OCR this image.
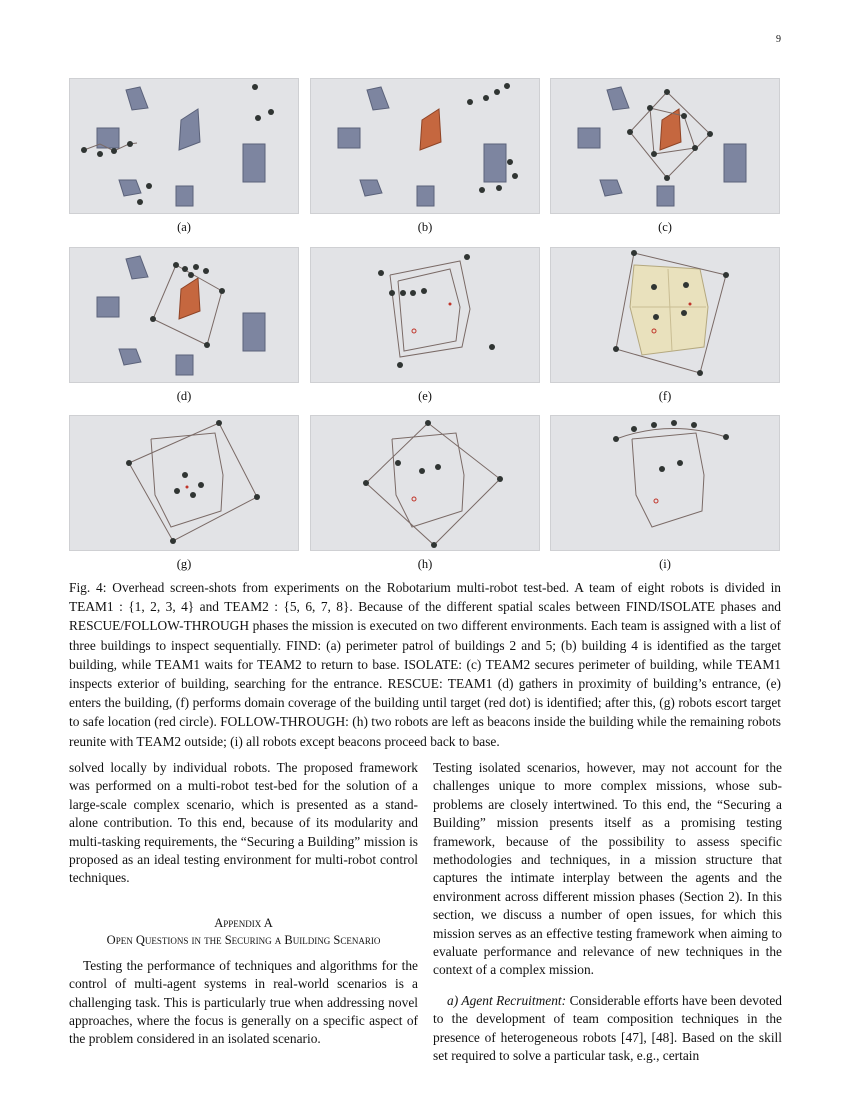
9
(a)	(b)	(c)
(d)	(e)	(f)
(g)	(h)	(i)
Fig. 4: Overhead screen-shots from experiments on the Robotarium multi-robot test-bed. A team of eight robots is divided in TEAM1 : {1, 2, 3, 4} and TEAM2 : {5, 6, 7, 8}. Because of the different spatial scales between FIND/ISOLATE phases and RESCUE/FOLLOW-THROUGH phases the mission is executed on two different environments. Each team is assigned with a list of three buildings to inspect sequentially. FIND: (a) perimeter patrol of buildings 2 and 5; (b) building 4 is identified as the target building, while TEAM1 waits for TEAM2 to return to base. ISOLATE: (c) TEAM2 secures perimeter of building, while TEAM1 inspects exterior of building, searching for the entrance. RESCUE: TEAM1 (d) gathers in proximity of building’s entrance, (e) enters the building, (f) performs domain coverage of the building until target (red dot) is identified; after this, (g) robots escort target to safe location (red circle). FOLLOW-THROUGH: (h) two robots are left as beacons inside the building while the remaining robots reunite with TEAM2 outside; (i) all robots except beacons proceed back to base.

solved locally by individual robots. The proposed framework was performed on a multi-robot test-bed for the solution of a large-scale complex scenario, which is presented as a stand-alone contribution. To this end, because of its modularity and multi-tasking requirements, the “Securing a Building” mission is proposed as an ideal testing environment for multi-robot control techniques.

Appendix A
Open Questions in the Securing a Building Scenario

Testing the performance of techniques and algorithms for the control of multi-agent systems in real-world scenarios is a challenging task. This is particularly true when addressing novel approaches, where the focus is generally on a specific aspect of the problem considered in an isolated scenario.

Testing isolated scenarios, however, may not account for the challenges unique to more complex missions, whose sub-problems are closely intertwined. To this end, the “Securing a Building” mission presents itself as a promising testing framework, because of the possibility to assess specific methodologies and techniques, in a mission structure that captures the intimate interplay between the agents and the environment across different mission phases (Section 2). In this section, we discuss a number of open issues, for which this mission serves as an effective testing framework when aiming to evaluate performance and relevance of new techniques in the context of a complex mission.

a) Agent Recruitment: Considerable efforts have been devoted to the development of team composition techniques in the presence of heterogeneous robots [47], [48]. Based on the skill set required to solve a particular task, e.g., certain
